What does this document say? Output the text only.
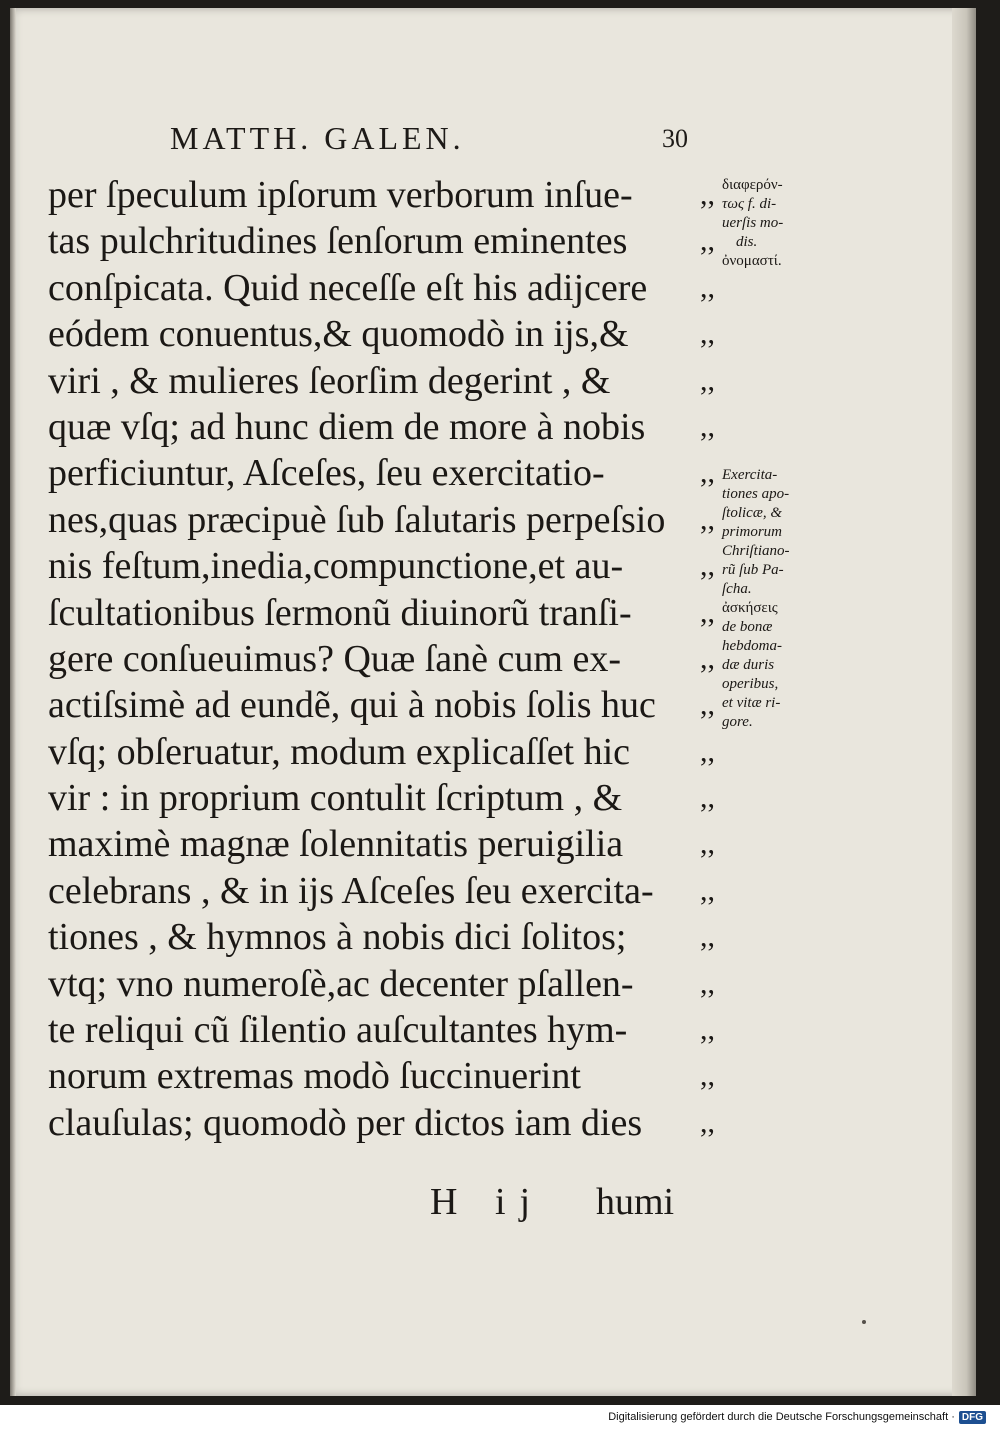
MATTH. GALEN.	30
per ſpeculum ipſorum verborum inſue- ,,
tas pulchritudines ſenſorum eminentes ,,
conſpicata. Quid neceſſe eſt his adijcere ,,
eódem conuentus,& quomodò in ijs,& ,,
viri , & mulieres ſeorſim degerint , &	,,
quæ vſq; ad hunc diem de more à nobis ,,
perficiuntur, Aſceſes, ſeu exercitatio-	,,
nes,quas præcipuè ſub ſalutaris perpeſsio ,,
nis feſtum,inedia,compunctione,et au-	,,
ſcultationibus ſermonũ diuinorũ tranſi- ,,
gere conſueuimus? Quæ ſanè cum ex-	,,
actiſsimè ad eundẽ, qui à nobis ſolis huc ,,
vſq; obſeruatur, modum explicaſſet hic ,,
vir : in proprium contulit ſcriptum , &	,,
maximè magnæ ſolennitatis peruigilia	,,
celebrans , & in ijs Aſceſes ſeu exercita- ,,
tiones , & hymnos à nobis dici ſolitos; ,,
vtq; vno numeroſè,ac decenter pſallen- ,,
te reliqui cũ ſilentio auſcultantes hym- ,,
norum extremas modò ſuccinuerint	,,
clauſulas; quomodò per dictos iam dies ,,
διαφερόν-
τως f. di-
uerſis mo-
dis.
ὀνομαστί.
Exercita-
tiones apo-
ſtolicæ, &
primorum
Chriſtiano-
rũ ſub Pa-
ſcha.
ἀσκήσεις
de bonæ
hebdoma-
dæ duris
operibus,
et vitæ ri-
gore.
H ij humi
Digitalisierung gefördert durch die Deutsche Forschungsgemeinschaft · DFG
